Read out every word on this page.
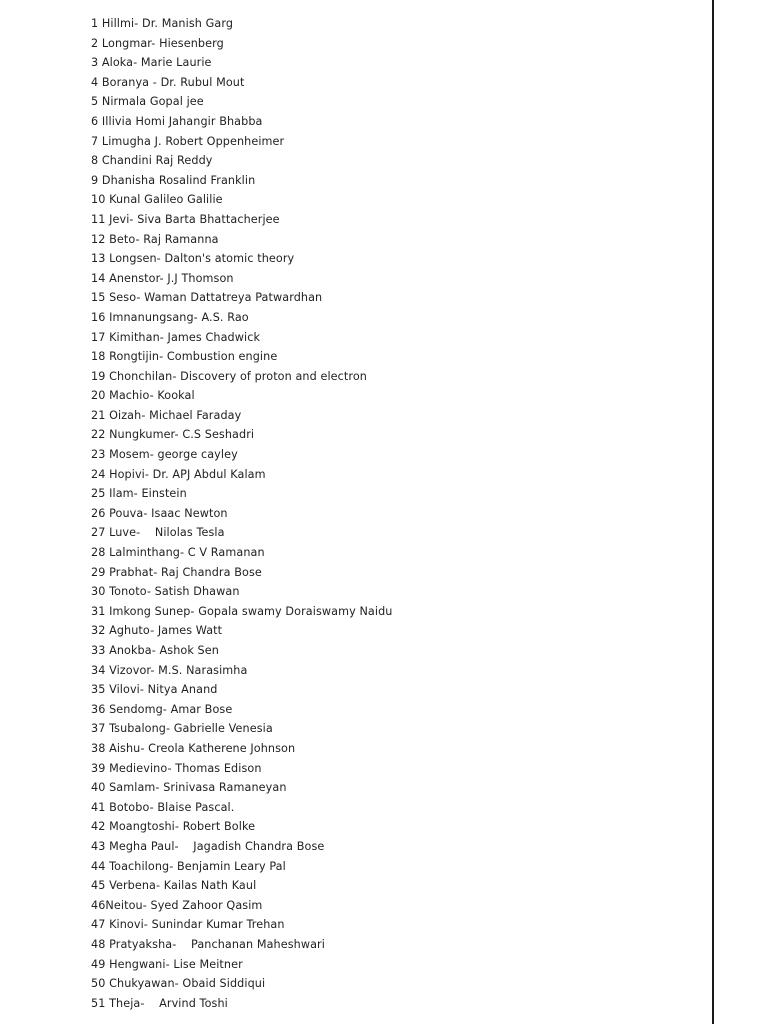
1 Hillmi- Dr. Manish Garg
2 Longmar- Hiesenberg
3 Aloka- Marie Laurie
4 Boranya - Dr. Rubul Mout
5 Nirmala Gopal jee
6 Illivia Homi Jahangir Bhabba
7 Limugha J. Robert Oppenheimer
8 Chandini Raj Reddy
9 Dhanisha Rosalind Franklin
10 Kunal Galileo Galilie
11 Jevi- Siva Barta Bhattacherjee
12 Beto- Raj Ramanna
13 Longsen- Dalton's atomic theory
14 Anenstor- J.J Thomson
15 Seso- Waman Dattatreya Patwardhan
16 Imnanungsang- A.S. Rao
17 Kimithan- James Chadwick
18 Rongtijin- Combustion engine
19 Chonchilan- Discovery of proton and electron
20 Machio- Kookal
21 Oizah- Michael Faraday
22 Nungkumer- C.S Seshadri
23 Mosem- george cayley
24 Hopivi- Dr. APJ Abdul Kalam
25 Ilam- Einstein
26 Pouva- Isaac Newton
27 Luve-    Nilolas Tesla
28 Lalminthang- C V Ramanan
29 Prabhat- Raj Chandra Bose
30 Tonoto- Satish Dhawan
31 Imkong Sunep- Gopala swamy Doraiswamy Naidu
32 Aghuto- James Watt
33 Anokba- Ashok Sen
34 Vizovor- M.S. Narasimha
35 Vilovi- Nitya Anand
36 Sendomg- Amar Bose
37 Tsubalong- Gabrielle Venesia
38 Aishu- Creola Katherene Johnson
39 Medievino- Thomas Edison
40 Samlam- Srinivasa Ramaneyan
41 Botobo- Blaise Pascal.
42 Moangtoshi- Robert Bolke
43 Megha Paul-    Jagadish Chandra Bose
44 Toachilong- Benjamin Leary Pal
45 Verbena- Kailas Nath Kaul
46Neitou- Syed Zahoor Qasim
47 Kinovi- Sunindar Kumar Trehan
48 Pratyaksha-    Panchanan Maheshwari
49 Hengwani- Lise Meitner
50 Chukyawan- Obaid Siddiqui
51 Theja-    Arvind Toshi
